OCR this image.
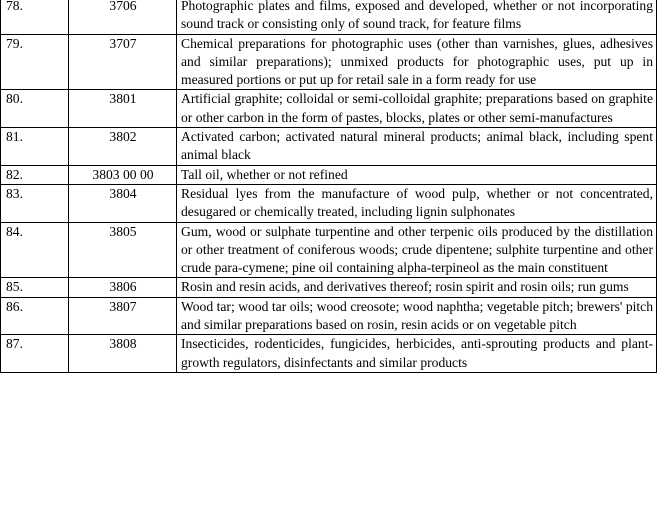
78.	3706	Photographic plates and films, exposed and developed, whether or not incorporating sound track or consisting only of sound track, for feature films
79.	3707	Chemical preparations for photographic uses (other than varnishes, glues, adhesives and similar preparations); unmixed products for photographic uses, put up in measured portions or put up for retail sale in a form ready for use
80.	3801	Artificial graphite; colloidal or semi-colloidal graphite; preparations based on graphite or other carbon in the form of pastes, blocks, plates or other semi-manufactures
81.	3802	Activated carbon; activated natural mineral products; animal black, including spent animal black
82.	3803 00 00	Tall oil, whether or not refined
83.	3804	Residual lyes from the manufacture of wood pulp, whether or not concentrated, desugared or chemically treated, including lignin sulphonates
84.	3805	Gum, wood or sulphate turpentine and other terpenic oils produced by the distillation or other treatment of coniferous woods; crude dipentene; sulphite turpentine and other crude para-cymene; pine oil containing alpha-terpineol as the main constituent
85.	3806	Rosin and resin acids, and derivatives thereof; rosin spirit and rosin oils; run gums
86.	3807	Wood tar; wood tar oils; wood creosote; wood naphtha; vegetable pitch; brewers' pitch and similar preparations based on rosin, resin acids or on vegetable pitch
87.	3808	Insecticides, rodenticides, fungicides, herbicides, anti-sprouting products and plant-growth regulators, disinfectants and similar products
